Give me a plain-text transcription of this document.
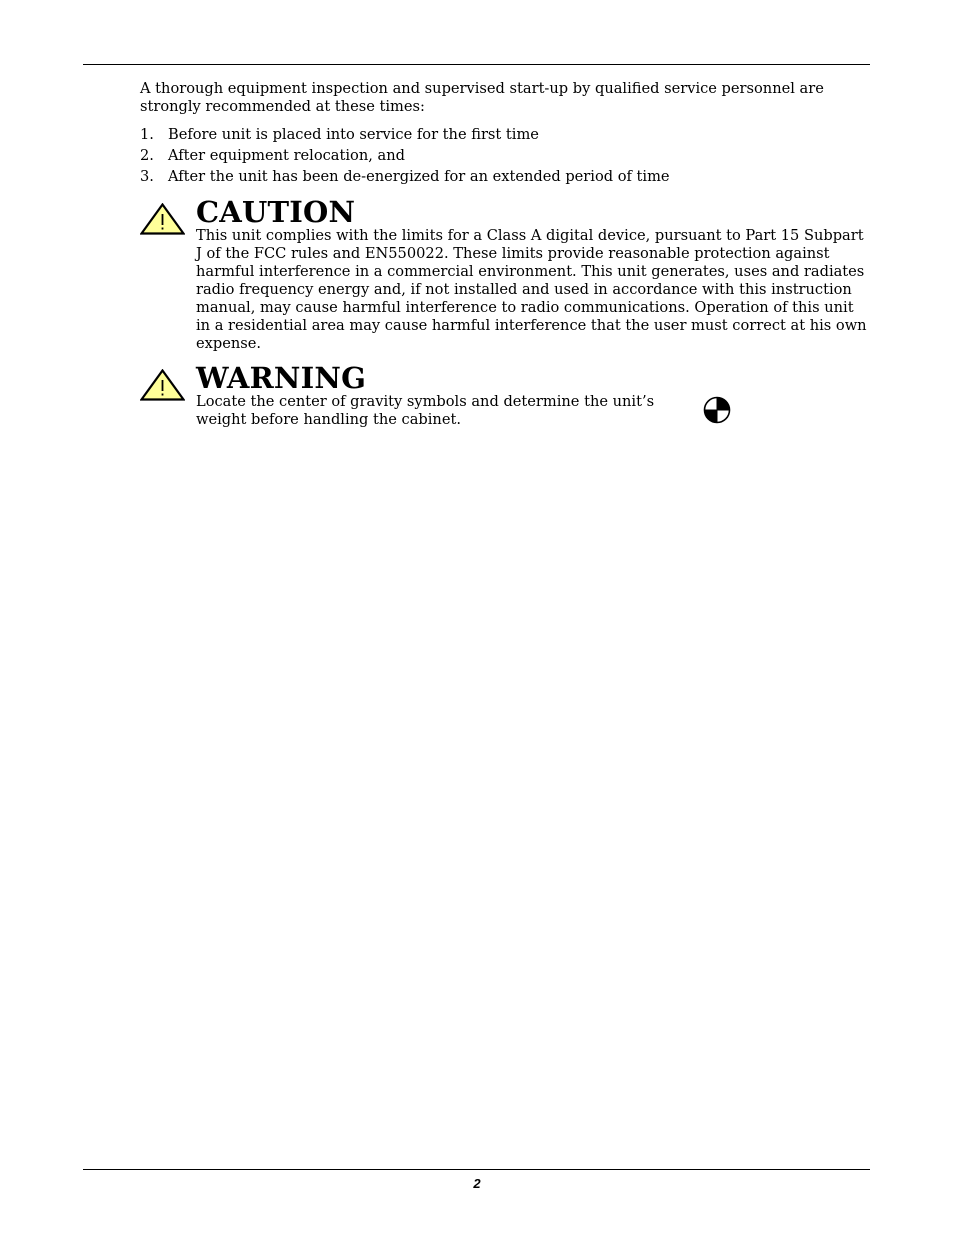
A thorough equipment inspection and supervised start-up by qualified service personnel are strongly recommended at these times:

1. Before unit is placed into service for the first time
2. After equipment relocation, and
3. After the unit has been de-energized for an extended period of time
CAUTION

This unit complies with the limits for a Class A digital device, pursuant to Part 15 Subpart J of the FCC rules and EN550022. These limits provide reasonable protection against harmful interference in a commercial environment. This unit generates, uses and radiates radio frequency energy and, if not installed and used in accordance with this instruction manual, may cause harmful interference to radio communications. Operation of this unit in a residential area may cause harmful interference that the user must correct at his own expense.

WARNING

Locate the center of gravity symbols and determine the unit’s weight before handling the cabinet.

2
